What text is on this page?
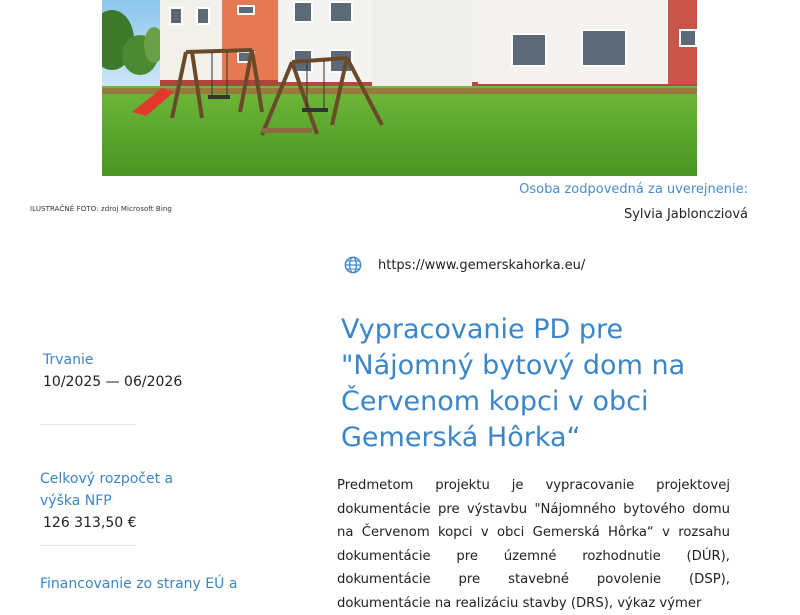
ILUSTRAČNÉ FOTO: zdroj Microsoft Bing
Osoba zodpovedná za uverejnenie:
Sylvia Jabloncziová
https://www.gemerskahorka.eu/
Vypracovanie PD pre "Nájomný bytový dom na Červenom kopci v obci Gemerská Hôrka“

Predmetom projektu je vypracovanie projektovej dokumentácie pre výstavbu "Nájomného bytového domu na Červenom kopci v obci Gemerská Hôrka“ v rozsahu dokumentácie pre územné rozhodnutie (DÚR), dokumentácie pre stavebné povolenie (DSP), dokumentácie na realizáciu stavby (DRS), výkaz výmer

Trvanie
10/2025 — 06/2026
Celkový rozpočet a výška NFP
126 313,50 €
Financovanie zo strany EÚ a
